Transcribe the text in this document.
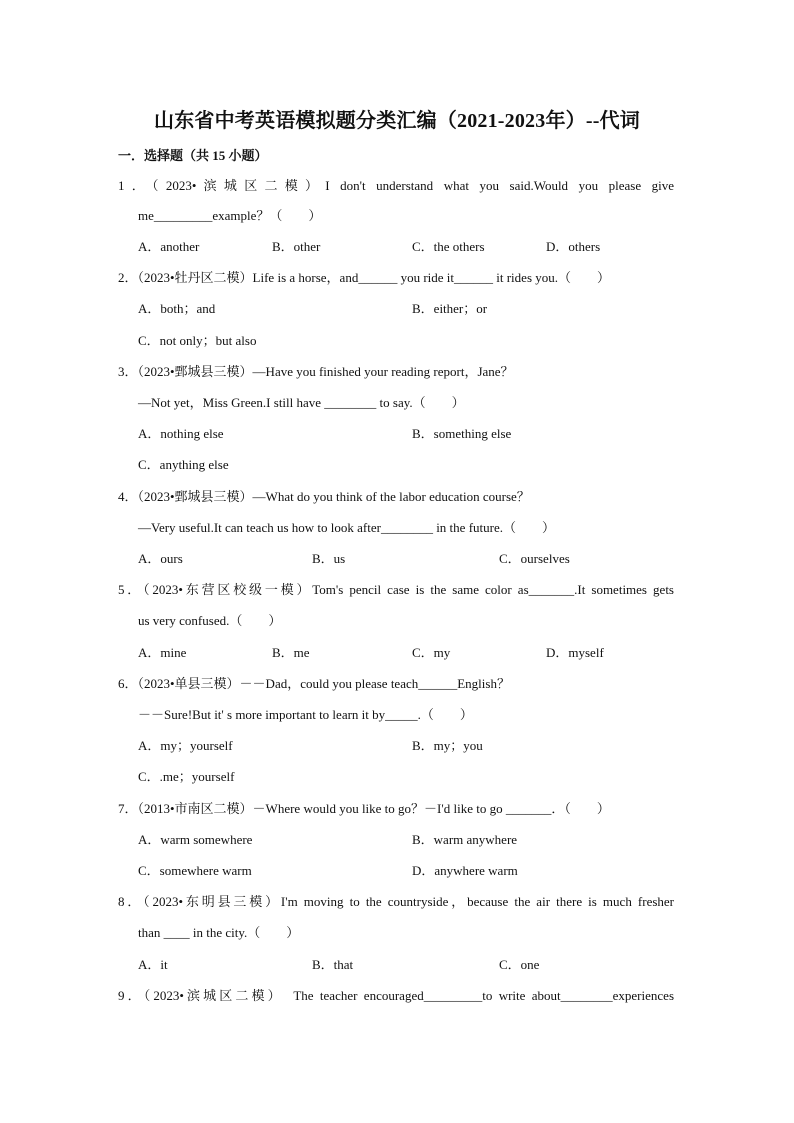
山东省中考英语模拟题分类汇编（2021-2023年）--代词
一．选择题（共 15 小题）
1．（2023•滨城区二模）I don't understand what you said.Would you please give
me_________example？（　　）
A．another	B．other	C．the others	D．others
2．（2023•牡丹区二模）Life is a horse，and______ you ride it______ it rides you.（　　）
A．both；and	B．either；or
C．not only；but also
3．（2023•鄄城县三模）—Have you finished your reading report，Jane？
—Not yet，Miss Green.I still have ________ to say.（　　）
A．nothing else	B．something else
C．anything else
4．（2023•鄄城县三模）—What do you think of the labor education course？
—Very useful.It can teach us how to look after________ in the future.（　　）
A．ours	B．us	C．ourselves
5．（2023•东营区校级一模）Tom's pencil case is the same color as_______.It sometimes gets
us very confused.（　　）
A．mine	B．me	C．my	D．myself
6．（2023•单县三模）－－Dad，could you please teach______English？
－－Sure!But it' s more important to learn it by_____.（　　）
A．my；yourself	B．my；you
C．.me；yourself
7．（2013•市南区二模）－Where would you like to go？－I'd like to go _______．（　　）
A．warm somewhere	B．warm anywhere
C．somewhere warm	D．anywhere warm
8．（2023•东明县三模）I'm moving to the countryside，because the air there is much fresher
than ____ in the city.（　　）
A．it	B．that	C．one
9．（2023•滨城区二模）　The teacher encouraged_________to write about________experiences
